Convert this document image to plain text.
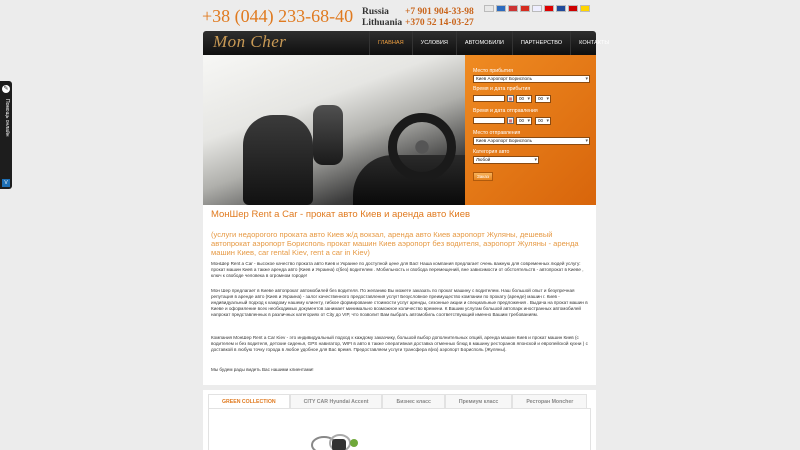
✎
Помощь онлайн
V
+38 (044) 233-68-40 Russia
Lithuania
+7 901 904-33-98
+370 52 14-03-27
Mon Cher	ГЛАВНАЯ	УСЛОВИЯ	АВТОМОБИЛИ	ПАРТНЕРСТВО	КОНТАКТЫ
Место прибытия
Киев Аэропорт Борисполь ▾
Время и дата прибытия
▦	00 ▾	00 ▾
Время и дата отправления
▦	00 ▾	00 ▾
Место отправления
Киев Аэропорт Борисполь ▾
Категория авто
Любой ▾
Заказ
МонШер Rent a Car - прокат авто Киев и аренда авто Киев
(услуги недорогого проката авто Киев ж/д вокзал, аренда авто Киев аэропорт Жуляны, дешевый автопрокат аэропорт Борисполь прокат машин Киев аэропорт без водителя, аэропорт Жуляны - аренда машин Киев, car rental Kiev, rent a car in Kiev)
МонШер Rent a Car - высокое качество проката авто Киев и Украине по доступной цене для Вас! Наша компания предлагает очень важную для современных людей услугу: прокат машин Киев а также аренда авто (Киев и Украина) с(без) водителем . Мобильность и свобода перемещений, вне зависимости от обстоятельств - автопрокат в Киеве , ключ к свободе человека в огромном городе!
Мон Шер предлагает в Киеве автопрокат автомобилей без водителя. По желанию Вы можете заказать по прокат машину с водителем. Наш большой опыт и безупречная репутация в аренде авто (Киев и Украина) - залог качественного предоставления услуг! Безусловное преимущество компании по прокату (аренде) машин г. Киев - индивидуальный подход к каждому нашему клиенту, гибкое формирование стоимости услуг аренды, сезонные акции и специальные предложения . Выдача на прокат машин в Киеве и оформление всех необходимых документов занимает минимально возможное количество времени. К Вашим услугам большой автопарк иностранных автомобилей напрокат представленных в различных категориях от City до VIP, что позволит Вам выбрать автомобиль соответствующий именно Вашим требованиям.
Компания МонШер Rent a Car Kiev - это индивидуальный подход к каждому заказчику, большой выбор дополнительных опций, аренда машин Киев и прокат машин Киев (с водителем и без водителя, детские сиденья, GPS навигатор, WIFI в авто в также оперативная доставка отменных блюд в машину ресторанов японской и европейской кухни ) с доставкой в любую точку города в любое удобное для Вас время. Предоставляем услуги трансфера в(из) аэропорт Борисполь (Жуляны).
Мы будем рады видеть Вас нашими клиентами!
GREEN COLLECTION	CITY CAR Hyundai Accent	Бизнес класс	Премиум класс	Ресторан Moncher
